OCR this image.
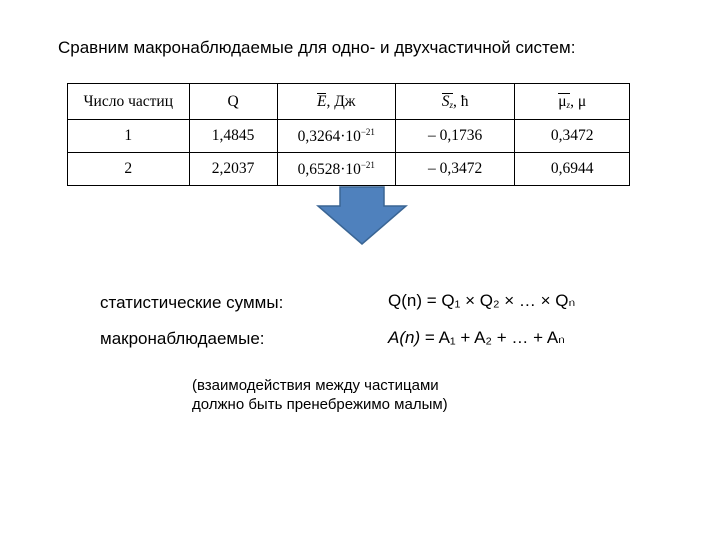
Сравним макронаблюдаемые для одно- и двухчастичной систем:
Число частиц	Q	E, Дж	$S_z$, ħ	$\mu_z$, μ
1	1,4845	$0,3264\cdot 10^{-21}$	– 0,1736	0,3472
2	2,2037	$0,6528\cdot 10^{-21}$	– 0,3472	0,6944
статистические суммы:	Q(n) = Q₁ × Q₂ × … × Qₙ
макронаблюдаемые:	A(n) = A₁ + A₂ + … + Aₙ
(взаимодействия между частицами
должно быть пренебрежимо малым)
